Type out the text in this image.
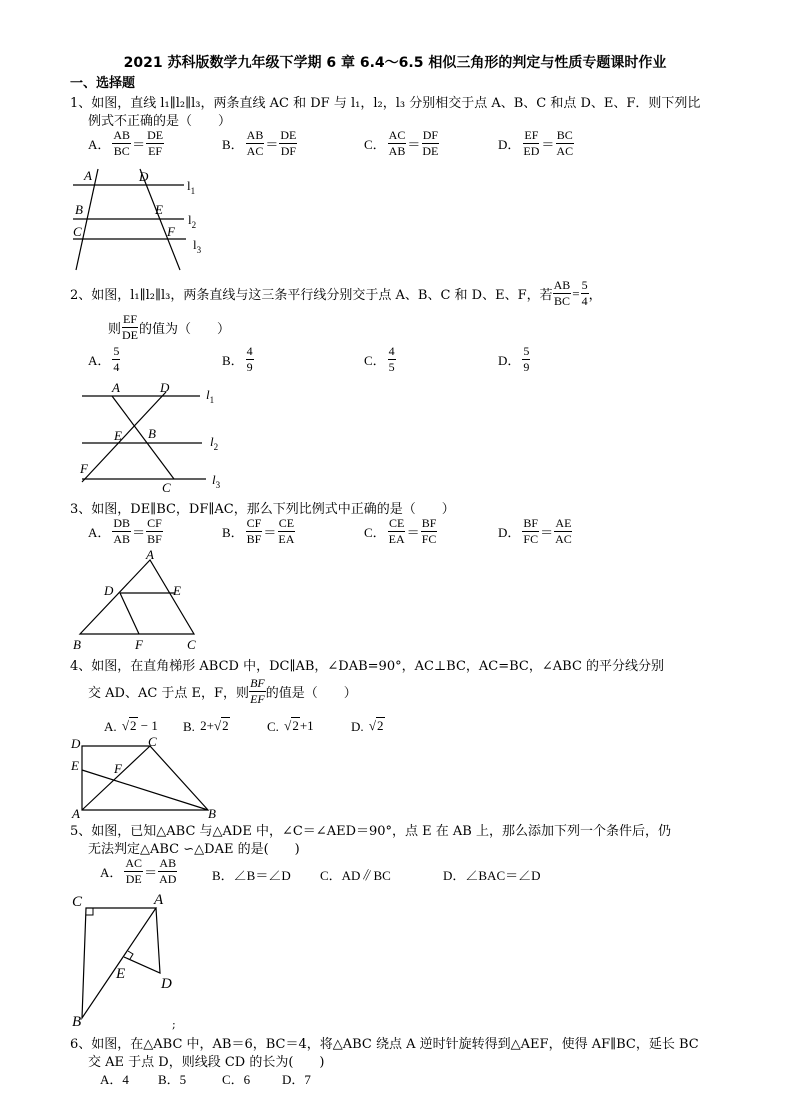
2021 苏科版数学九年级下学期 6 章 6.4～6.5 相似三角形的判定与性质专题课时作业
一、选择题
1、如图，直线 l₁∥l₂∥l₃，两条直线 AC 和 DF 与 l₁，l₂，l₃ 分别相交于点 A、B、C 和点 D、E、F．则下列比
例式不正确的是（　　）
A． $\frac{AB}{BC} = \frac{DE}{EF}$	B． $\frac{AB}{AC} = \frac{DE}{DF}$	C． $\frac{AC}{AB} = \frac{DF}{DE}$	D． $\frac{EF}{ED} = \frac{BC}{AC}$
A	D
B	E
C	F
$l_1$
$l_2$
$l_3$
2、如图，l₁∥l₂∥l₃，两条直线与这三条平行线分别交于点 A、B、C 和 D、E、F，若 $\frac{AB}{BC} = \frac{5}{4}$ ，
则 $\frac{EF}{DE}$ 的值为（　　）
A． $\frac{5}{4}$	B． $\frac{4}{9}$	C． $\frac{4}{5}$	D． $\frac{5}{9}$
A	D
E B
F
C
$l_1$
$l_2$
$l_3$
3、如图，DE∥BC，DF∥AC，那么下列比例式中正确的是（　　）
A． $\frac{DB}{AB} = \frac{CF}{BF}$	B． $\frac{CF}{BF} = \frac{CE}{EA}$	C． $\frac{CE}{EA} = \frac{BF}{FC}$	D． $\frac{BF}{FC} = \frac{AE}{AC}$
A
D	E
B	F	C
4、如图，在直角梯形 ABCD 中，DC∥AB，∠DAB=90°，AC⊥BC，AC=BC，∠ABC 的平分线分别
交 AD、AC 于点 E，F，则 $\frac{BF}{EF}$ 的值是（　　）
A. √2 − 1 B. 2+√2	C. √2+1	D. √2
D	C
E	F
A	B
5、如图，已知△ABC 与△ADE 中，∠C＝∠AED＝90°，点 E 在 AB 上，那么添加下列一个条件后，仍
无法判定△ABC ∽△DAE 的是(　　)
A． $\frac{AC}{DE} = \frac{AB}{AD}$	B．∠B＝∠D C．AD∥BC	D．∠BAC＝∠D
C	A
E
D
B	;
6、如图，在△ABC 中，AB＝6，BC＝4，将△ABC 绕点 A 逆时针旋转得到△AEF，使得 AF∥BC，延长 BC
交 AE 于点 D，则线段 CD 的长为(　　)
A．4 B．5	C．6 D．7
